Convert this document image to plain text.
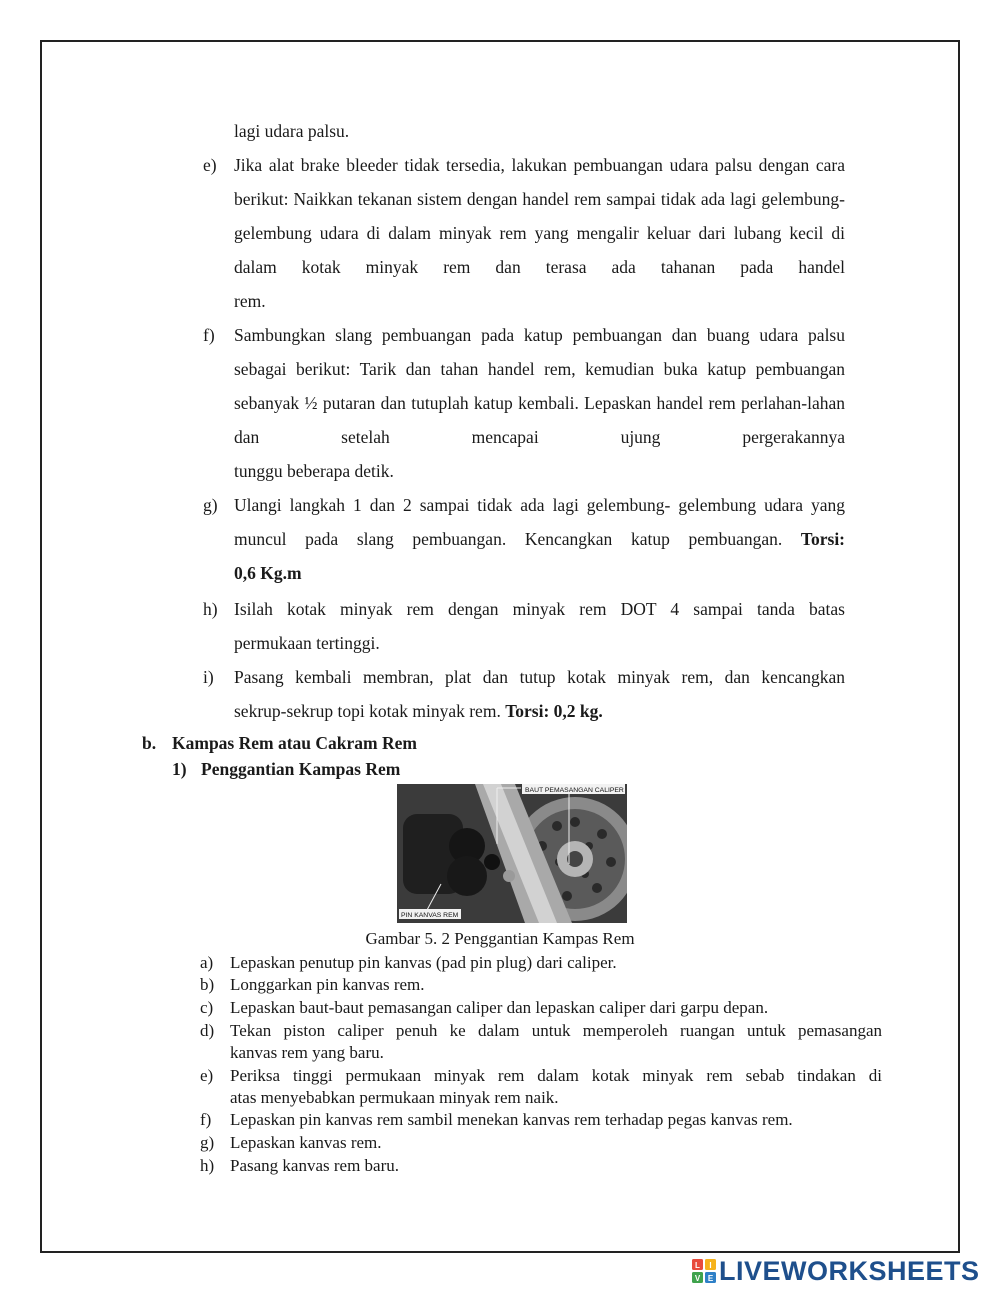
lagi udara palsu.
e) Jika alat brake bleeder tidak tersedia, lakukan pembuangan udara palsu dengan cara berikut: Naikkan tekanan sistem dengan handel rem sampai tidak ada lagi gelembung-gelembung udara di dalam minyak rem yang mengalir keluar dari lubang kecil di dalam kotak minyak rem dan terasa ada tahanan pada handel
rem.
f)	Sambungkan slang pembuangan pada katup pembuangan dan buang udara palsu sebagai berikut: Tarik dan tahan handel rem, kemudian buka katup pembuangan sebanyak ½ putaran dan tutuplah katup kembali. Lepaskan handel rem perlahan-lahan dan setelah mencapai ujung pergerakannya
tunggu beberapa detik.
g) Ulangi langkah 1 dan 2 sampai tidak ada lagi gelembung- gelembung udara yang muncul pada slang pembuangan. Kencangkan katup pembuangan. Torsi:
0,6 Kg.m
h) Isilah kotak minyak rem dengan minyak rem DOT 4 sampai tanda batas
permukaan tertinggi.
i)	Pasang kembali membran, plat dan tutup kotak minyak rem, dan kencangkan
sekrup-sekrup topi kotak minyak rem. Torsi: 0,2 kg.
b. Kampas Rem atau Cakram Rem
1) Penggantian Kampas Rem
BAUT PEMASANGAN CALIPER
PIN KANVAS REM
Gambar 5. 2 Penggantian Kampas Rem
a) Lepaskan penutup pin kanvas (pad pin plug) dari caliper.
b) Longgarkan pin kanvas rem.
c) Lepaskan baut-baut pemasangan caliper dan lepaskan caliper dari garpu depan.
d) Tekan piston caliper penuh ke dalam untuk memperoleh ruangan untuk pemasangan
kanvas rem yang baru.
e) Periksa tinggi permukaan minyak rem dalam kotak minyak rem sebab tindakan di
atas menyebabkan permukaan minyak rem naik.
f) Lepaskan pin kanvas rem sambil menekan kanvas rem terhadap pegas kanvas rem.
g) Lepaskan kanvas rem.
h) Pasang kanvas rem baru.
L I
V E LIVEWORKSHEETS
